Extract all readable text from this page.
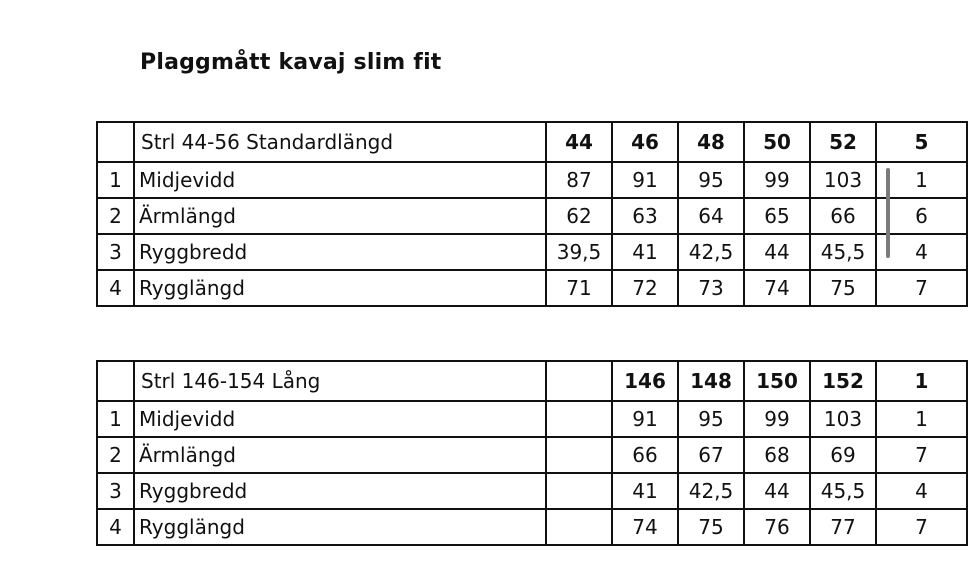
Plaggmått kavaj slim fit
	Strl 44-56 Standardlängd	44	46	48	50	52	5
1	Midjevidd	87	91	95	99	103	1
2	Ärmlängd	62	63	64	65	66	6
3	Ryggbredd	39,5	41	42,5	44	45,5	4
4	Rygglängd	71	72	73	74	75	7
	Strl 146-154 Lång		146	148	150	152	1
1	Midjevidd		91	95	99	103	1
2	Ärmlängd		66	67	68	69	7
3	Ryggbredd		41	42,5	44	45,5	4
4	Rygglängd		74	75	76	77	7
